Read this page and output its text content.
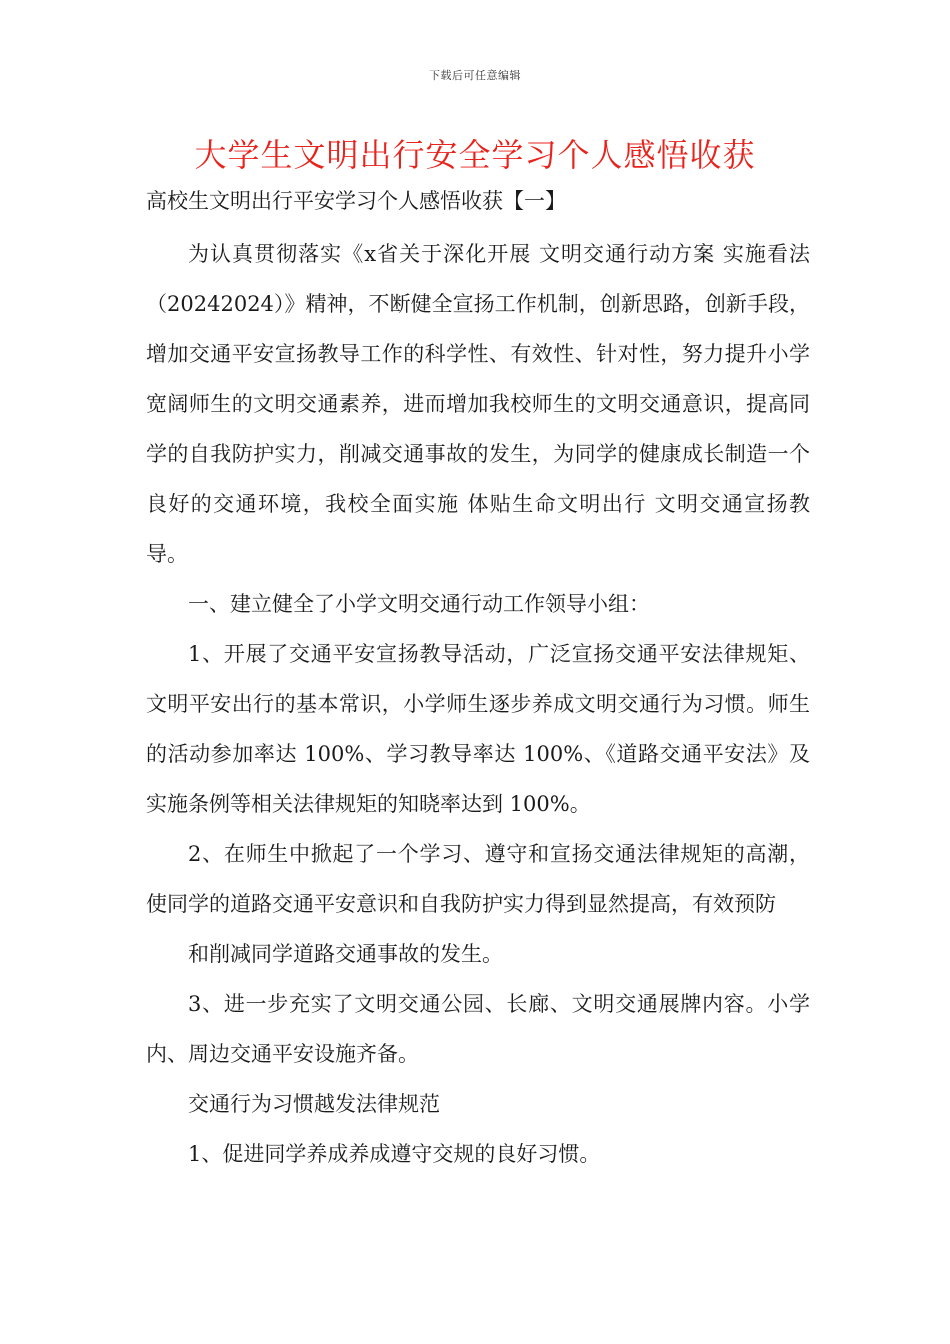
下载后可任意编辑
大学生文明出行安全学习个人感悟收获

高校生文明出行平安学习个人感悟收获【一】

为认真贯彻落实《x省关于深化开展 文明交通行动方案 实施看法（20242024）》精神，不断健全宣扬工作机制，创新思路，创新手段，增加交通平安宣扬教导工作的科学性、有效性、针对性，努力提升小学宽阔师生的文明交通素养，进而增加我校师生的文明交通意识，提高同学的自我防护实力，削减交通事故的发生，为同学的健康成长制造一个良好的交通环境，我校全面实施 体贴生命文明出行 文明交通宣扬教导。

一、建立健全了小学文明交通行动工作领导小组：

1、开展了交通平安宣扬教导活动，广泛宣扬交通平安法律规矩、文明平安出行的基本常识，小学师生逐步养成文明交通行为习惯。师生的活动参加率达 100%、学习教导率达 100%、《道路交通平安法》及实施条例等相关法律规矩的知晓率达到 100%。

2、在师生中掀起了一个学习、遵守和宣扬交通法律规矩的高潮，使同学的道路交通平安意识和自我防护实力得到显然提高，有效预防

和削减同学道路交通事故的发生。

3、进一步充实了文明交通公园、长廊、文明交通展牌内容。小学内、周边交通平安设施齐备。

交通行为习惯越发法律规范

1、促进同学养成养成遵守交规的良好习惯。
